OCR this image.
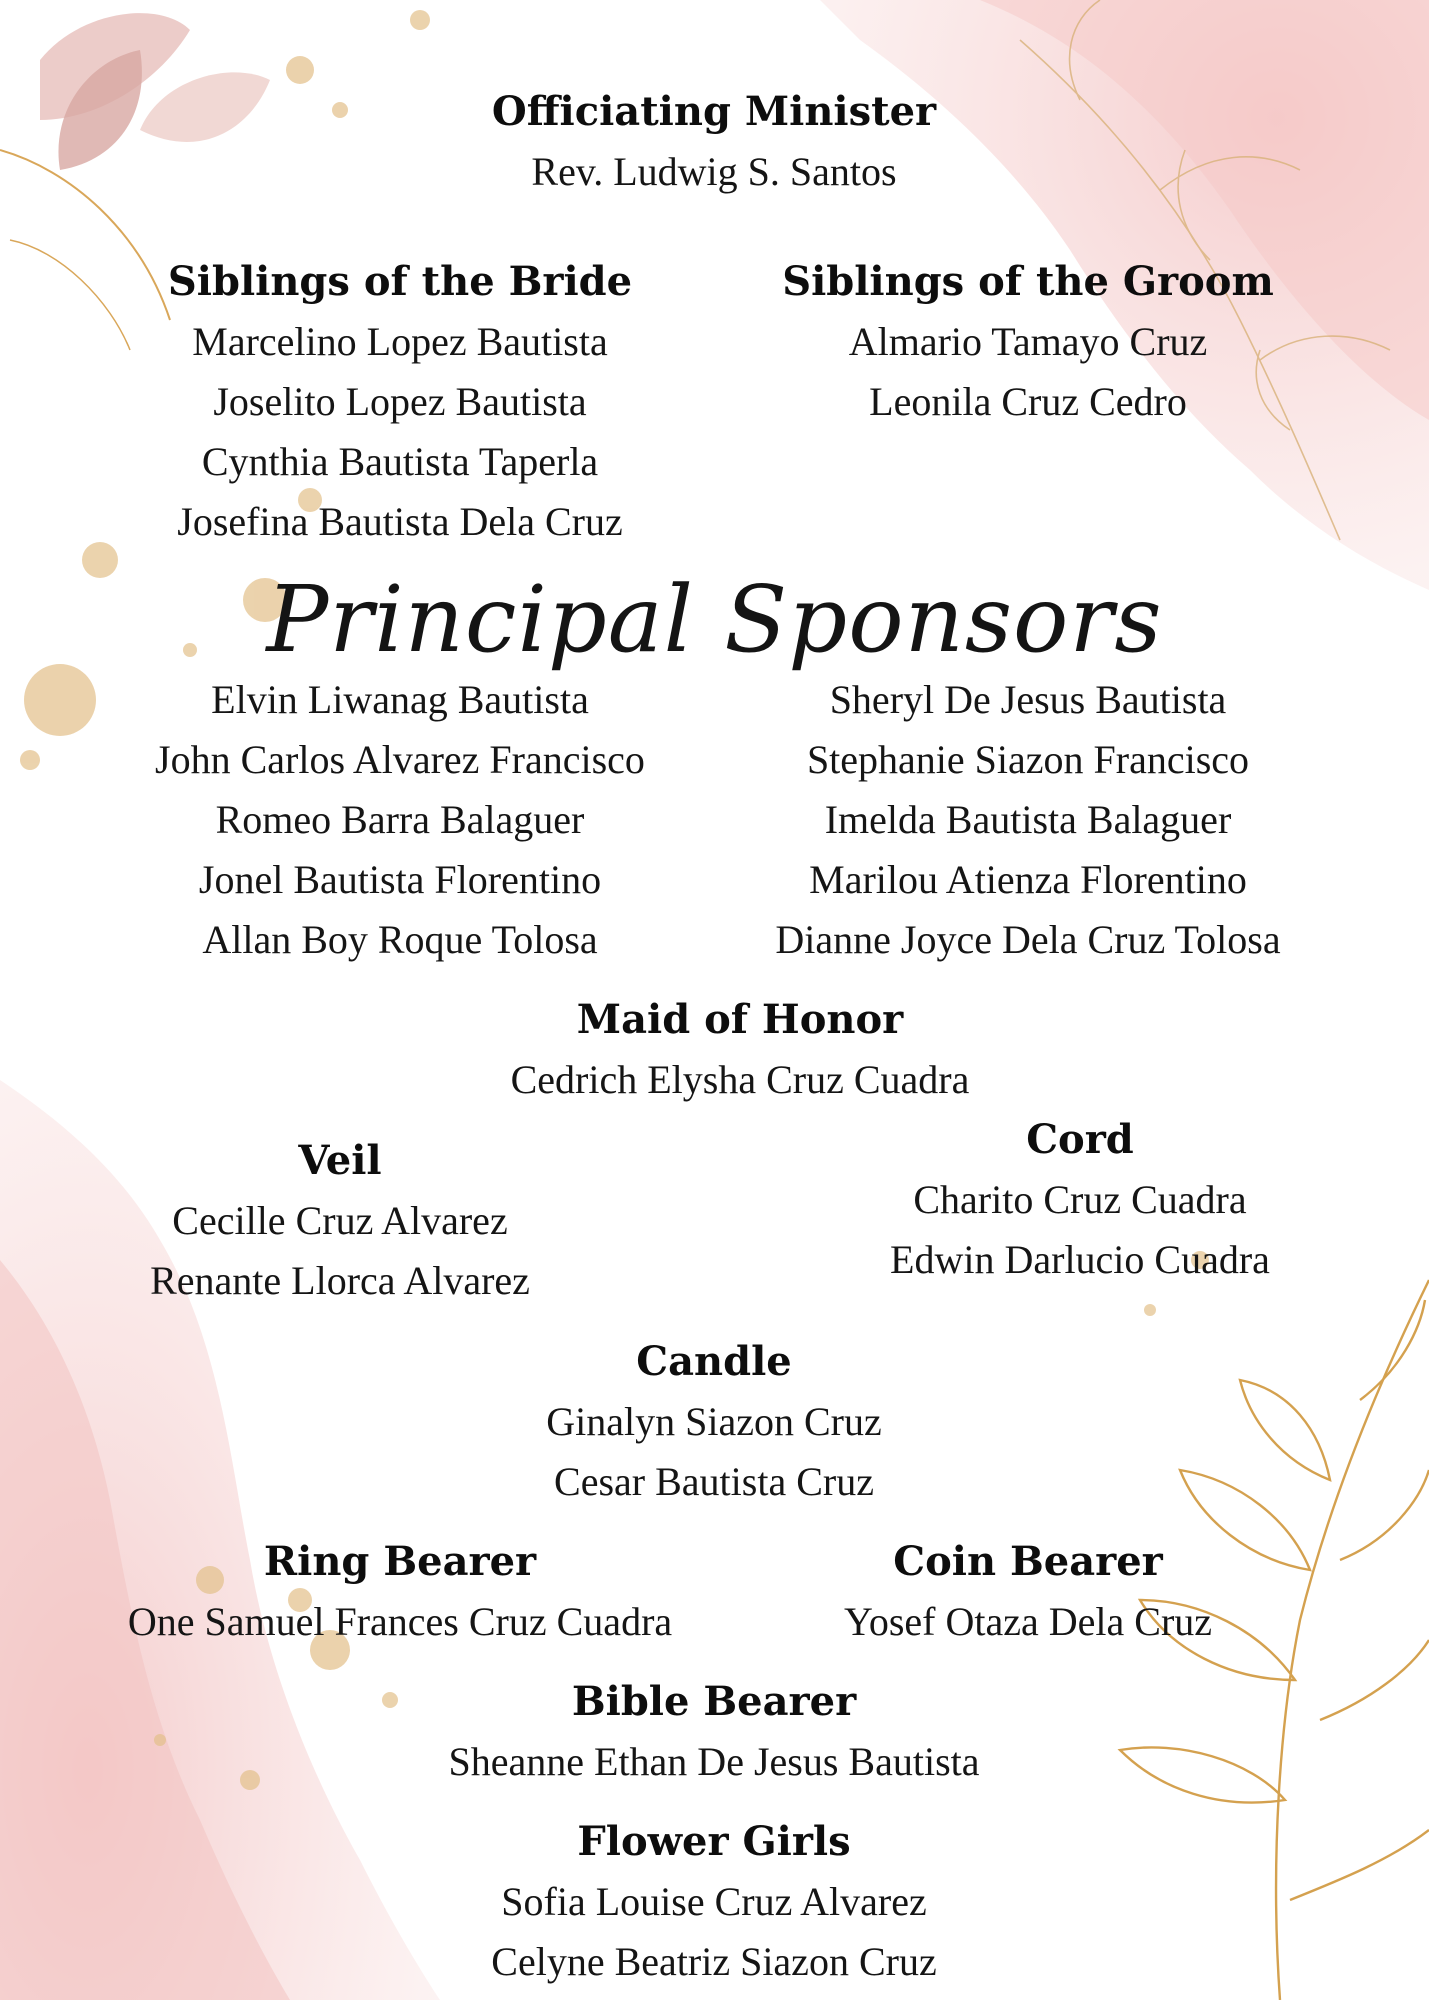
Officiating Minister
Rev. Ludwig S. Santos
Siblings of the Bride
Marcelino Lopez Bautista
Joselito Lopez Bautista
Cynthia Bautista Taperla
Josefina Bautista Dela Cruz
Siblings of the Groom
Almario Tamayo Cruz
Leonila Cruz Cedro
Principal Sponsors
Elvin Liwanag Bautista
John Carlos Alvarez Francisco
Romeo Barra Balaguer
Jonel Bautista Florentino
Allan Boy Roque Tolosa
Sheryl De Jesus Bautista
Stephanie Siazon Francisco
Imelda Bautista Balaguer
Marilou Atienza Florentino
Dianne Joyce Dela Cruz Tolosa
Maid of Honor
Cedrich Elysha Cruz Cuadra
Veil
Cecille Cruz Alvarez
Renante Llorca Alvarez
Cord
Charito Cruz Cuadra
Edwin Darlucio Cuadra
Candle
Ginalyn Siazon Cruz
Cesar Bautista Cruz
Ring Bearer
One Samuel Frances Cruz Cuadra
Coin Bearer
Yosef Otaza Dela Cruz
Bible Bearer
Sheanne Ethan De Jesus Bautista
Flower Girls
Sofia Louise Cruz Alvarez
Celyne Beatriz Siazon Cruz
